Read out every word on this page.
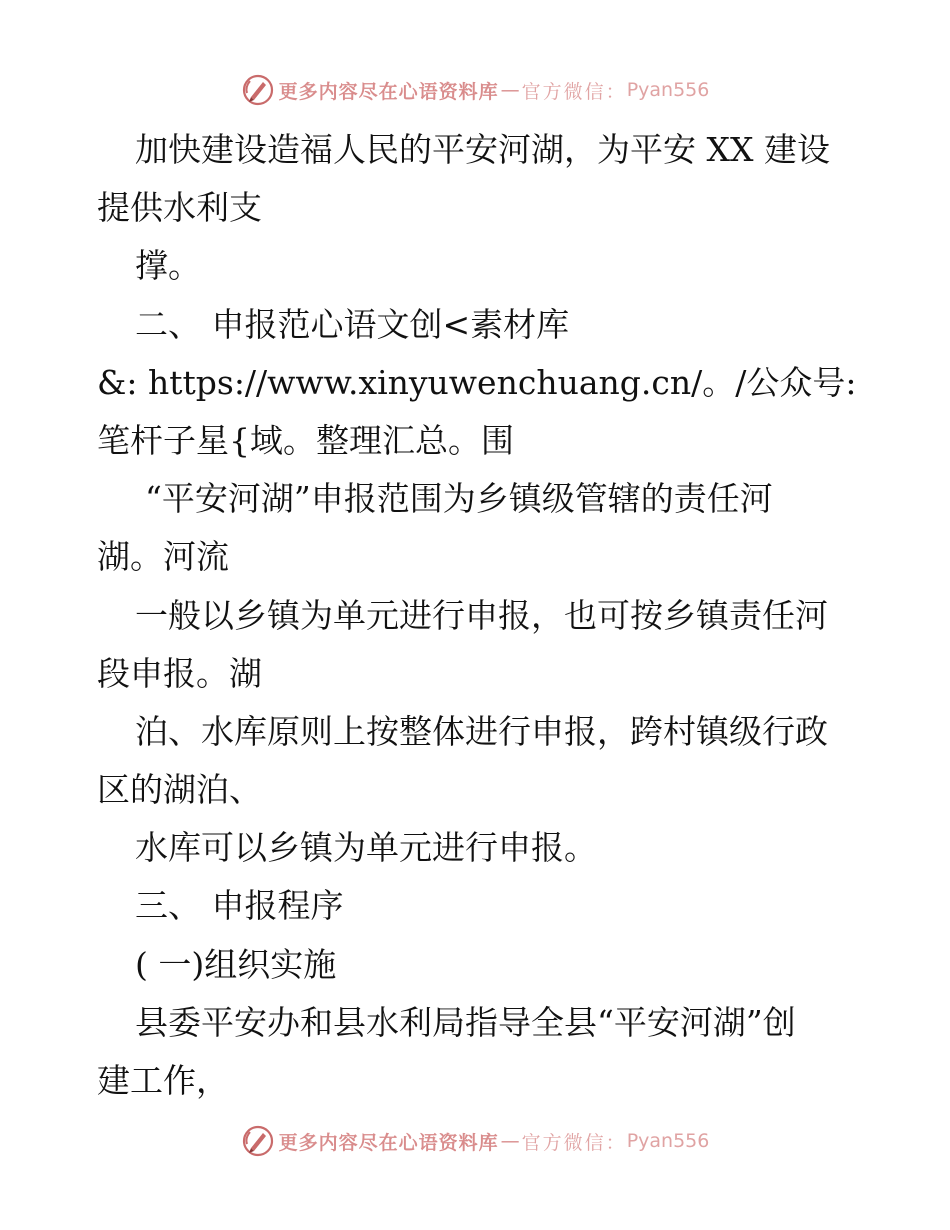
更多内容尽在心语资料库 — 官方微信： Pyan556
加快建设造福人民的平安河湖，为平安 XX 建设
提供水利支
撑。
二、 申报范心语文创<素材库
&: https://www.xinyuwenchuang.cn/。/公众号:
笔杆子星{域。整理汇总。围
“平安河湖”申报范围为乡镇级管辖的责任河
湖。河流
一般以乡镇为单元进行申报，也可按乡镇责任河
段申报。湖
泊、水库原则上按整体进行申报，跨村镇级行政
区的湖泊、
水库可以乡镇为单元进行申报。
三、 申报程序
( 一)组织实施
县委平安办和县水利局指导全县“平安河湖”创
建工作，
更多内容尽在心语资料库 — 官方微信： Pyan556
